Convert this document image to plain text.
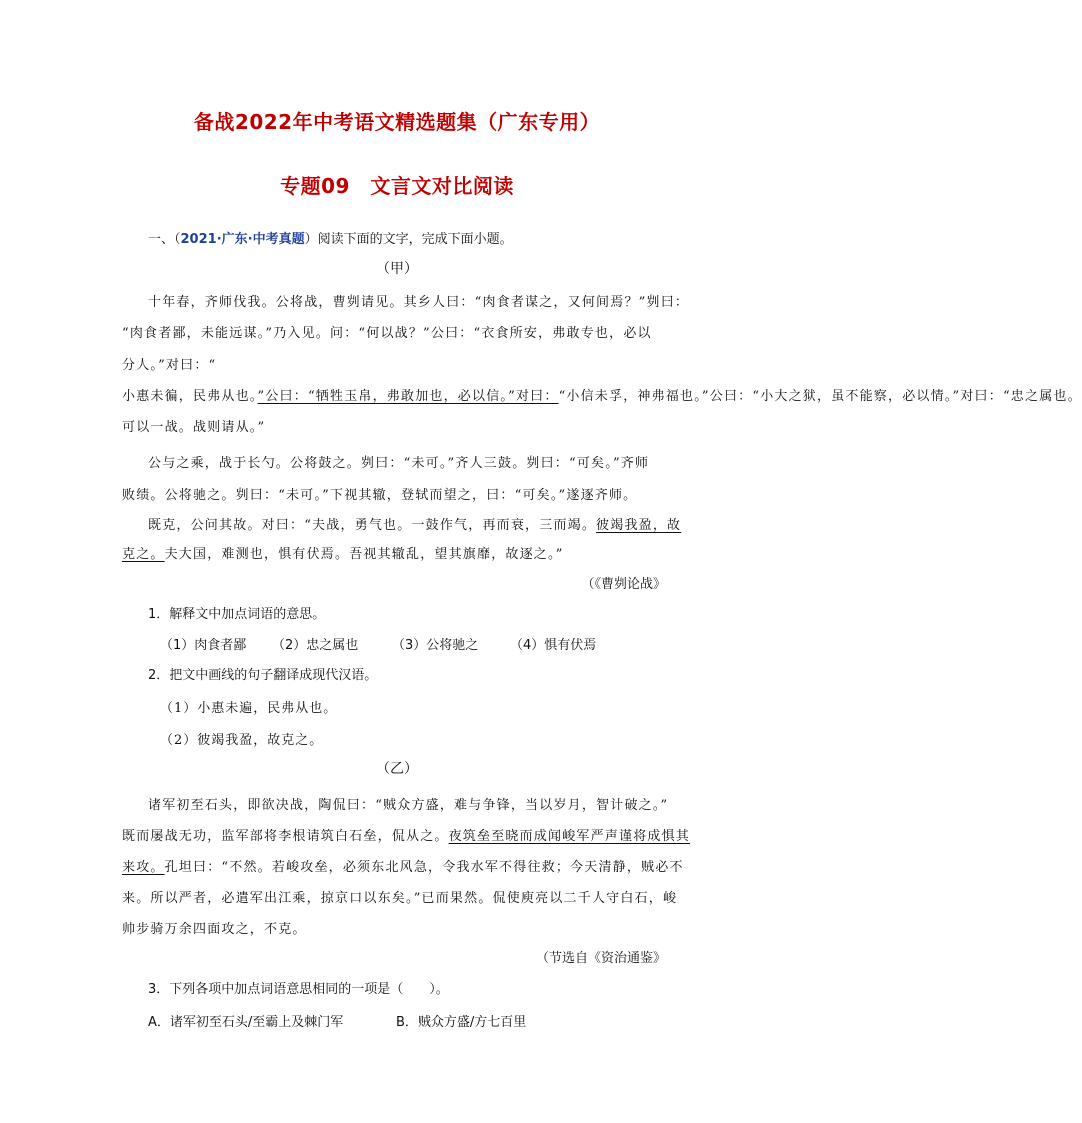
备战2022年中考语文精选题集（广东专用）
专题09　文言文对比阅读
一、（2021·广东·中考真题）阅读下面的文字，完成下面小题。
（甲）
十年春，齐师伐我。公将战，曹刿请见。其乡人曰：“肉食者谋之，又何间焉？”刿曰：
“肉食者鄙，未能远谋。”乃入见。问：“何以战？”公曰：“衣食所安，弗敢专也，必以
分人。”对曰：“
小惠未徧，民弗从也。”公曰：“牺牲玉帛，弗敢加也，必以信。”对曰：“小信未孚，神弗福也。”公曰：“小大之狱，虽不能察，必以情。”对曰：“忠之属也。
可以一战。战则请从。”
公与之乘，战于长勺。公将鼓之。刿曰：“未可。”齐人三鼓。刿曰：“可矣。”齐师
败绩。公将驰之。刿曰：“未可。”下视其辙，登轼而望之，曰：“可矣。”遂逐齐师。
既克，公问其故。对曰：“夫战，勇气也。一鼓作气，再而衰，三而竭。彼竭我盈，故
克之。夫大国，难测也，惧有伏焉。吾视其辙乱，望其旗靡，故逐之。”
（《曹刿论战》
1．解释文中加点词语的意思。
（1）肉食者鄙 （2）忠之属也	（3）公将驰之 （4）惧有伏焉
2．把文中画线的句子翻译成现代汉语。
（1）小惠未遍，民弗从也。
（2）彼竭我盈，故克之。
（乙）
诸军初至石头，即欲决战，陶侃曰：“贼众方盛，难与争锋，当以岁月，智计破之。”
既而屡战无功，监军部将李根请筑白石垒，侃从之。夜筑垒至晓而成闻峻军严声谨将成惧其
来攻。孔坦曰：“不然。若峻攻垒，必须东北风急，令我水军不得往救；今天清静，贼必不
来。所以严者，必遣军出江乘，掠京口以东矣。”已而果然。侃使庾亮以二千人守白石，峻
帅步骑万余四面攻之，不克。
（节选自《资治通鉴》
3．下列各项中加点词语意思相同的一项是（　　）。
A．诸军初至石头/至霸上及棘门军	B．贼众方盛/方七百里
